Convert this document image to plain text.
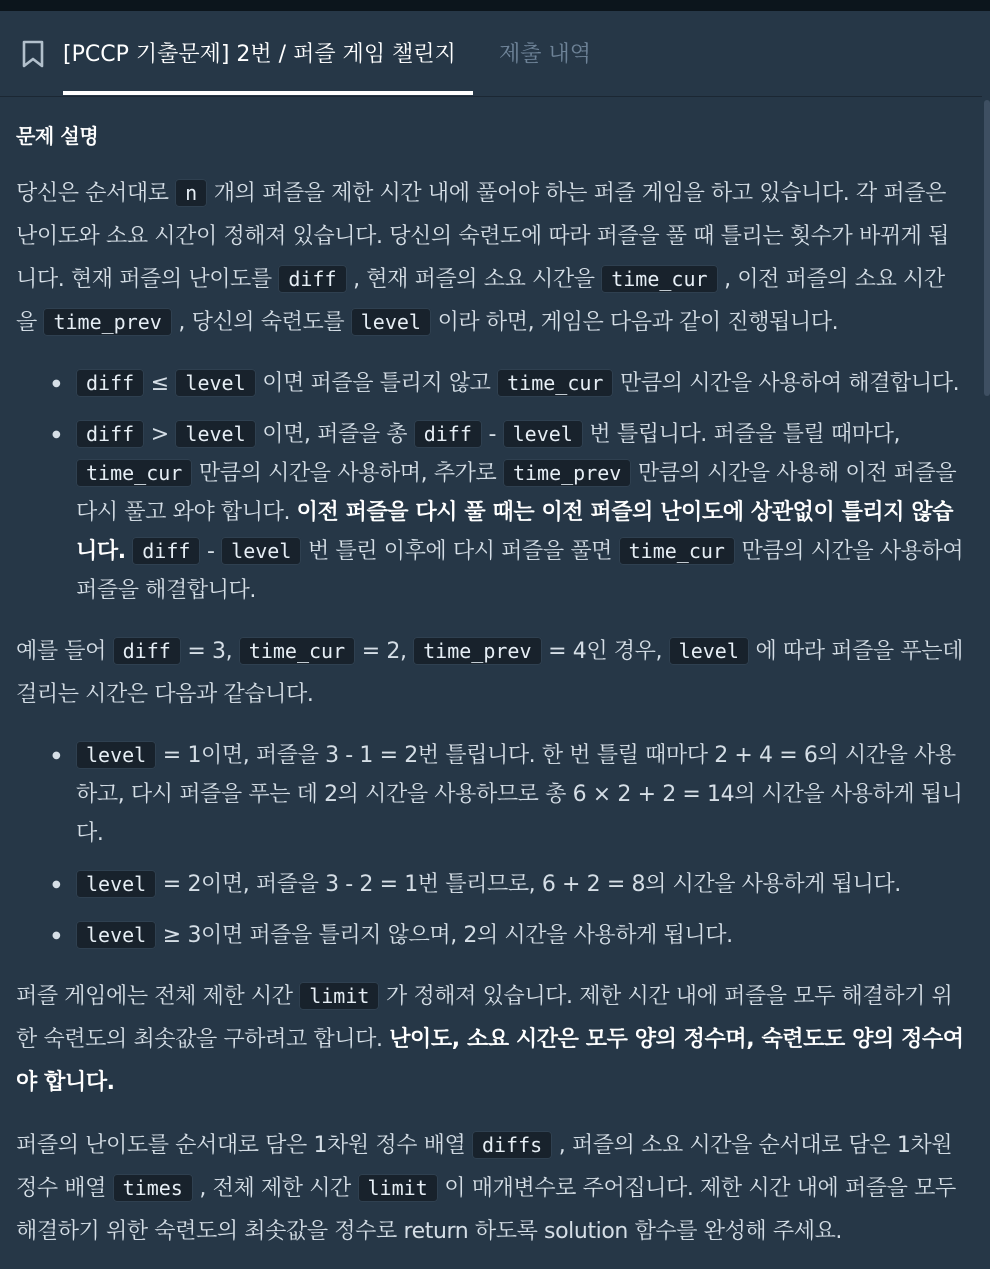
[PCCP 기출문제] 2번 / 퍼즐 게임 챌린지 제출 내역
문제 설명

당신은 순서대로 n 개의 퍼즐을 제한 시간 내에 풀어야 하는 퍼즐 게임을 하고 있습니다. 각 퍼즐은 난이도와 소요 시간이 정해져 있습니다. 당신의 숙련도에 따라 퍼즐을 풀 때 틀리는 횟수가 바뀌게 됩니다. 현재 퍼즐의 난이도를 diff , 현재 퍼즐의 소요 시간을 time_cur , 이전 퍼즐의 소요 시간을 time_prev , 당신의 숙련도를 level 이라 하면, 게임은 다음과 같이 진행됩니다.

● diff ≤ level 이면 퍼즐을 틀리지 않고 time_cur 만큼의 시간을 사용하여 해결합니다.
● diff > level 이면, 퍼즐을 총 diff - level 번 틀립니다. 퍼즐을 틀릴 때마다, time_cur 만큼의 시간을 사용하며, 추가로 time_prev 만큼의 시간을 사용해 이전 퍼즐을 다시 풀고 와야 합니다. 이전 퍼즐을 다시 풀 때는 이전 퍼즐의 난이도에 상관없이 틀리지 않습니다. diff - level 번 틀린 이후에 다시 퍼즐을 풀면 time_cur 만큼의 시간을 사용하여 퍼즐을 해결합니다.

예를 들어 diff = 3, time_cur = 2, time_prev = 4인 경우, level 에 따라 퍼즐을 푸는데 걸리는 시간은 다음과 같습니다.

● level = 1이면, 퍼즐을 3 - 1 = 2번 틀립니다. 한 번 틀릴 때마다 2 + 4 = 6의 시간을 사용하고, 다시 퍼즐을 푸는 데 2의 시간을 사용하므로 총 6 × 2 + 2 = 14의 시간을 사용하게 됩니다.
● level = 2이면, 퍼즐을 3 - 2 = 1번 틀리므로, 6 + 2 = 8의 시간을 사용하게 됩니다.
● level ≥ 3이면 퍼즐을 틀리지 않으며, 2의 시간을 사용하게 됩니다.

퍼즐 게임에는 전체 제한 시간 limit 가 정해져 있습니다. 제한 시간 내에 퍼즐을 모두 해결하기 위한 숙련도의 최솟값을 구하려고 합니다. 난이도, 소요 시간은 모두 양의 정수며, 숙련도도 양의 정수여야 합니다.

퍼즐의 난이도를 순서대로 담은 1차원 정수 배열 diffs , 퍼즐의 소요 시간을 순서대로 담은 1차원 정수 배열 times , 전체 제한 시간 limit 이 매개변수로 주어집니다. 제한 시간 내에 퍼즐을 모두 해결하기 위한 숙련도의 최솟값을 정수로 return 하도록 solution 함수를 완성해 주세요.
